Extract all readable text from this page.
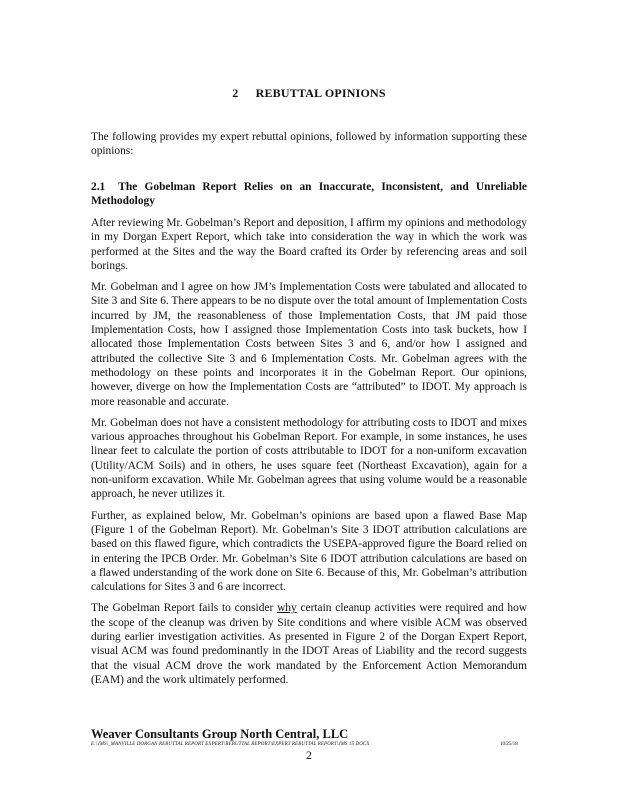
2 REBUTTAL OPINIONS

The following provides my expert rebuttal opinions, followed by information supporting these opinions:

2.1 The Gobelman Report Relies on an Inaccurate, Inconsistent, and Unreliable Methodology

After reviewing Mr. Gobelman’s Report and deposition, I affirm my opinions and methodology in my Dorgan Expert Report, which take into consideration the way in which the work was performed at the Sites and the way the Board crafted its Order by referencing areas and soil borings.

Mr. Gobelman and I agree on how JM’s Implementation Costs were tabulated and allocated to Site 3 and Site 6. There appears to be no dispute over the total amount of Implementation Costs incurred by JM, the reasonableness of those Implementation Costs, that JM paid those Implementation Costs, how I assigned those Implementation Costs into task buckets, how I allocated those Implementation Costs between Sites 3 and 6, and/or how I assigned and attributed the collective Site 3 and 6 Implementation Costs. Mr. Gobelman agrees with the methodology on these points and incorporates it in the Gobelman Report. Our opinions, however, diverge on how the Implementation Costs are “attributed” to IDOT. My approach is more reasonable and accurate.

Mr. Gobelman does not have a consistent methodology for attributing costs to IDOT and mixes various approaches throughout his Gobelman Report. For example, in some instances, he uses linear feet to calculate the portion of costs attributable to IDOT for a non‑uniform excavation (Utility/ACM Soils) and in others, he uses square feet (Northeast Excavation), again for a non‑uniform excavation. While Mr. Gobelman agrees that using volume would be a reasonable approach, he never utilizes it.

Further, as explained below, Mr. Gobelman’s opinions are based upon a flawed Base Map (Figure 1 of the Gobelman Report). Mr. Gobelman’s Site 3 IDOT attribution calculations are based on this flawed figure, which contradicts the USEPA‑approved figure the Board relied on in entering the IPCB Order. Mr. Gobelman’s Site 6 IDOT attribution calculations are based on a flawed understanding of the work done on Site 6. Because of this, Mr. Gobelman’s attribution calculations for Sites 3 and 6 are incorrect.

The Gobelman Report fails to consider why certain cleanup activities were required and how the scope of the cleanup was driven by Site conditions and where visible ACM was observed during earlier investigation activities. As presented in Figure 2 of the Dorgan Expert Report, visual ACM was found predominantly in the IDOT Areas of Liability and the record suggests that the visual ACM drove the work mandated by the Enforcement Action Memorandum (EAM) and the work ultimately performed.

Weaver Consultants Group North Central, LLC
E:\JMS\_MANVILLE DORGAN REBUTTAL REPORT EXPERT\REBUTTAL REPORT\EXPERT REBUTTAL REPORT\JMS 15 DOCX	10/25/18
2
